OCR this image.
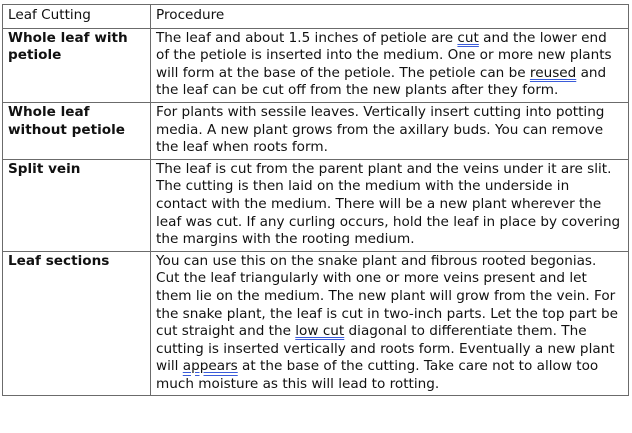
Leaf Cutting	Procedure
Whole leaf with petiole	The leaf and about 1.5 inches of petiole are cut and the lower end of the petiole is inserted into the medium. One or more new plants will form at the base of the petiole. The petiole can be reused and the leaf can be cut off from the new plants after they form.
Whole leaf without petiole	For plants with sessile leaves. Vertically insert cutting into potting media. A new plant grows from the axillary buds. You can remove the leaf when roots form.
Split vein	The leaf is cut from the parent plant and the veins under it are slit. The cutting is then laid on the medium with the underside in contact with the medium. There will be a new plant wherever the leaf was cut. If any curling occurs, hold the leaf in place by covering the margins with the rooting medium.
Leaf sections	You can use this on the snake plant and fibrous rooted begonias. Cut the leaf triangularly with one or more veins present and let them lie on the medium. The new plant will grow from the vein. For the snake plant, the leaf is cut in two-inch parts. Let the top part be cut straight and the low cut diagonal to differentiate them. The cutting is inserted vertically and roots form. Eventually a new plant will appears at the base of the cutting. Take care not to allow too much moisture as this will lead to rotting.
